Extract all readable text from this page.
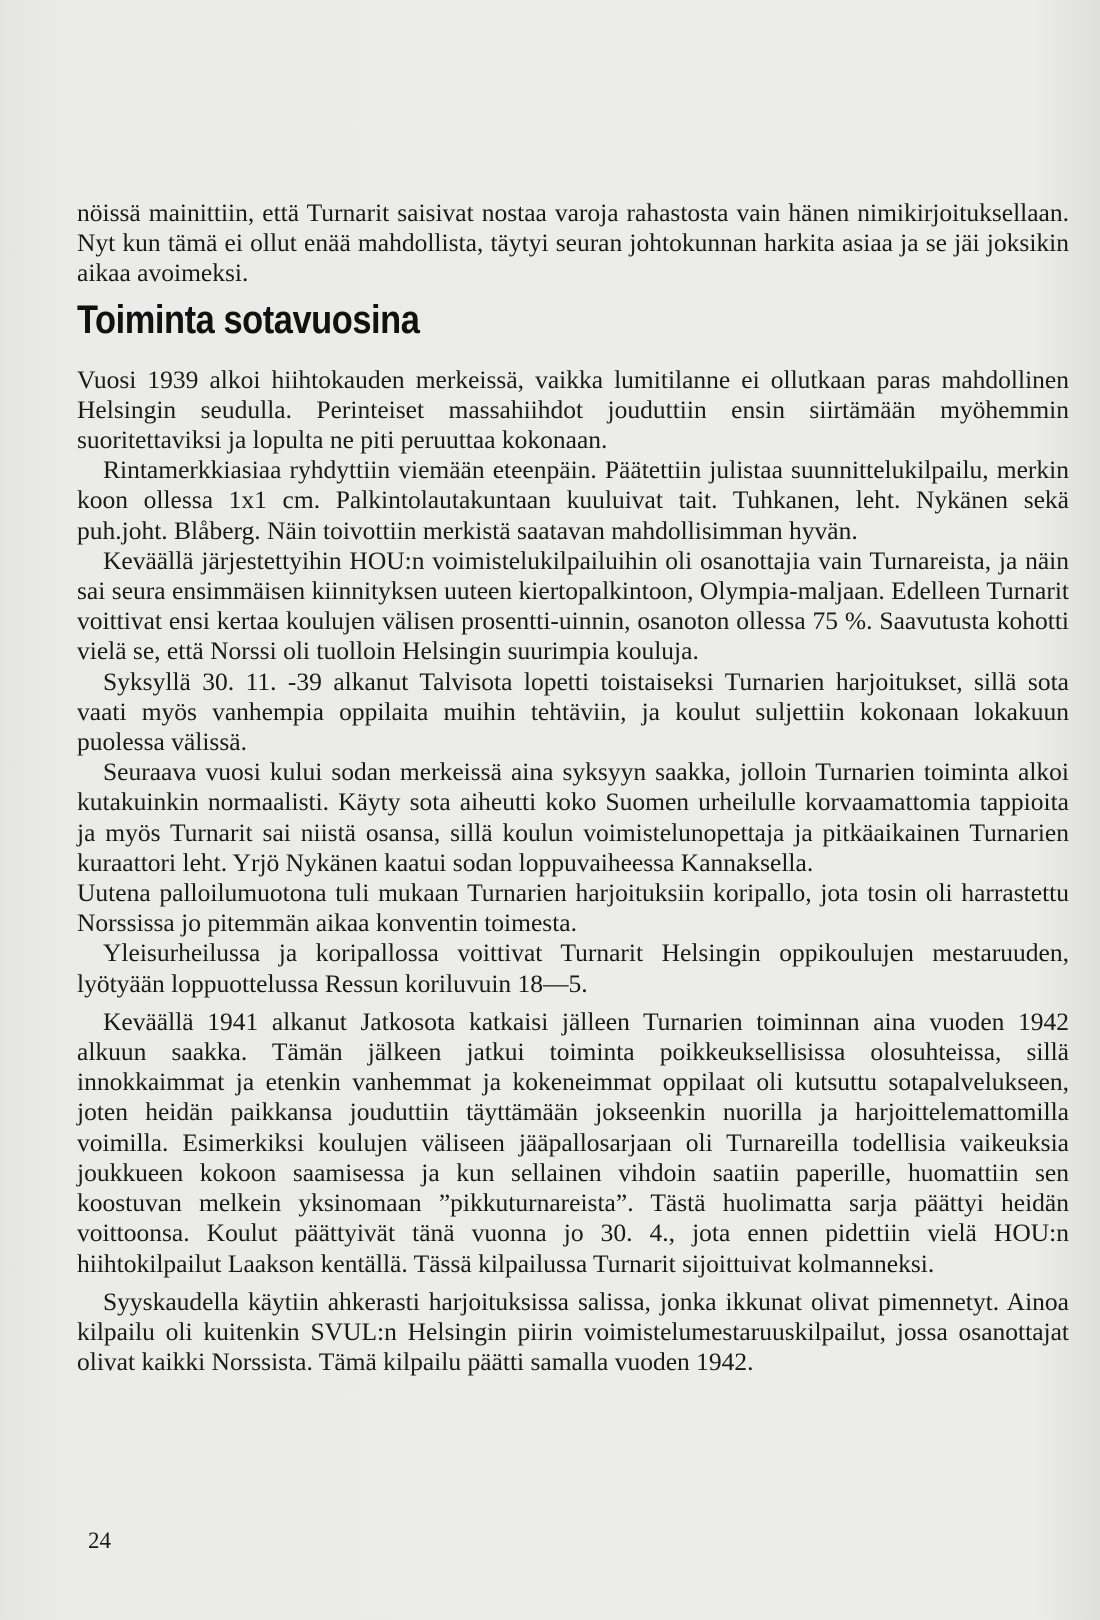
nöissä mainittiin, että Turnarit saisivat nostaa varoja rahastosta vain hänen nimikirjoituksellaan. Nyt kun tämä ei ollut enää mahdollista, täytyi seuran johtokunnan harkita asiaa ja se jäi joksikin aikaa avoimeksi.

Toiminta sotavuosina

Vuosi 1939 alkoi hiihtokauden merkeissä, vaikka lumitilanne ei ollutkaan paras mahdollinen Helsingin seudulla. Perinteiset massahiihdot jouduttiin ensin siirtämään myöhemmin suoritettaviksi ja lopulta ne piti peruuttaa kokonaan.

Rintamerkkiasiaa ryhdyttiin viemään eteenpäin. Päätettiin julistaa suunnittelukilpailu, merkin koon ollessa 1x1 cm. Palkintolautakuntaan kuuluivat tait. Tuhkanen, leht. Nykänen sekä puh.joht. Blåberg. Näin toivottiin merkistä saatavan mahdollisimman hyvän.

Keväällä järjestettyihin HOU:n voimistelukilpailuihin oli osanottajia vain Turnareista, ja näin sai seura ensimmäisen kiinnityksen uuteen kiertopalkintoon, Olympia-maljaan. Edelleen Turnarit voittivat ensi kertaa koulujen välisen prosentti-uinnin, osanoton ollessa 75 %. Saavutusta kohotti vielä se, että Norssi oli tuolloin Helsingin suurimpia kouluja.

Syksyllä 30. 11. -39 alkanut Talvisota lopetti toistaiseksi Turnarien harjoitukset, sillä sota vaati myös vanhempia oppilaita muihin tehtäviin, ja koulut suljettiin kokonaan lokakuun puolessa välissä.

Seuraava vuosi kului sodan merkeissä aina syksyyn saakka, jolloin Turnarien toiminta alkoi kutakuinkin normaalisti. Käyty sota aiheutti koko Suomen urheilulle korvaamattomia tappioita ja myös Turnarit sai niistä osansa, sillä koulun voimistelunopettaja ja pitkäaikainen Turnarien kuraattori leht. Yrjö Nykänen kaatui sodan loppuvaiheessa Kannaksella.

Uutena palloilumuotona tuli mukaan Turnarien harjoituksiin koripallo, jota tosin oli harrastettu Norssissa jo pitemmän aikaa konventin toimesta.

Yleisurheilussa ja koripallossa voittivat Turnarit Helsingin oppikoulujen mestaruuden, lyötyään loppuottelussa Ressun koriluvuin 18—5.

Keväällä 1941 alkanut Jatkosota katkaisi jälleen Turnarien toiminnan aina vuoden 1942 alkuun saakka. Tämän jälkeen jatkui toiminta poikkeuksellisissa olosuhteissa, sillä innokkaimmat ja etenkin vanhemmat ja kokeneimmat oppilaat oli kutsuttu sotapalvelukseen, joten heidän paikkansa jouduttiin täyttämään jokseenkin nuorilla ja harjoittelemattomilla voimilla. Esimerkiksi koulujen väliseen jääpallosarjaan oli Turnareilla todellisia vaikeuksia joukkueen kokoon saamisessa ja kun sellainen vihdoin saatiin paperille, huomattiin sen koostuvan melkein yksinomaan ”pikkuturnareista”. Tästä huolimatta sarja päättyi heidän voittoonsa. Koulut päättyivät tänä vuonna jo 30. 4., jota ennen pidettiin vielä HOU:n hiihtokilpailut Laakson kentällä. Tässä kilpailussa Turnarit sijoittuivat kolmanneksi.

Syyskaudella käytiin ahkerasti harjoituksissa salissa, jonka ikkunat olivat pimennetyt. Ainoa kilpailu oli kuitenkin SVUL:n Helsingin piirin voimistelumestaruuskilpailut, jossa osanottajat olivat kaikki Norssista. Tämä kilpailu päätti samalla vuoden 1942.

24
